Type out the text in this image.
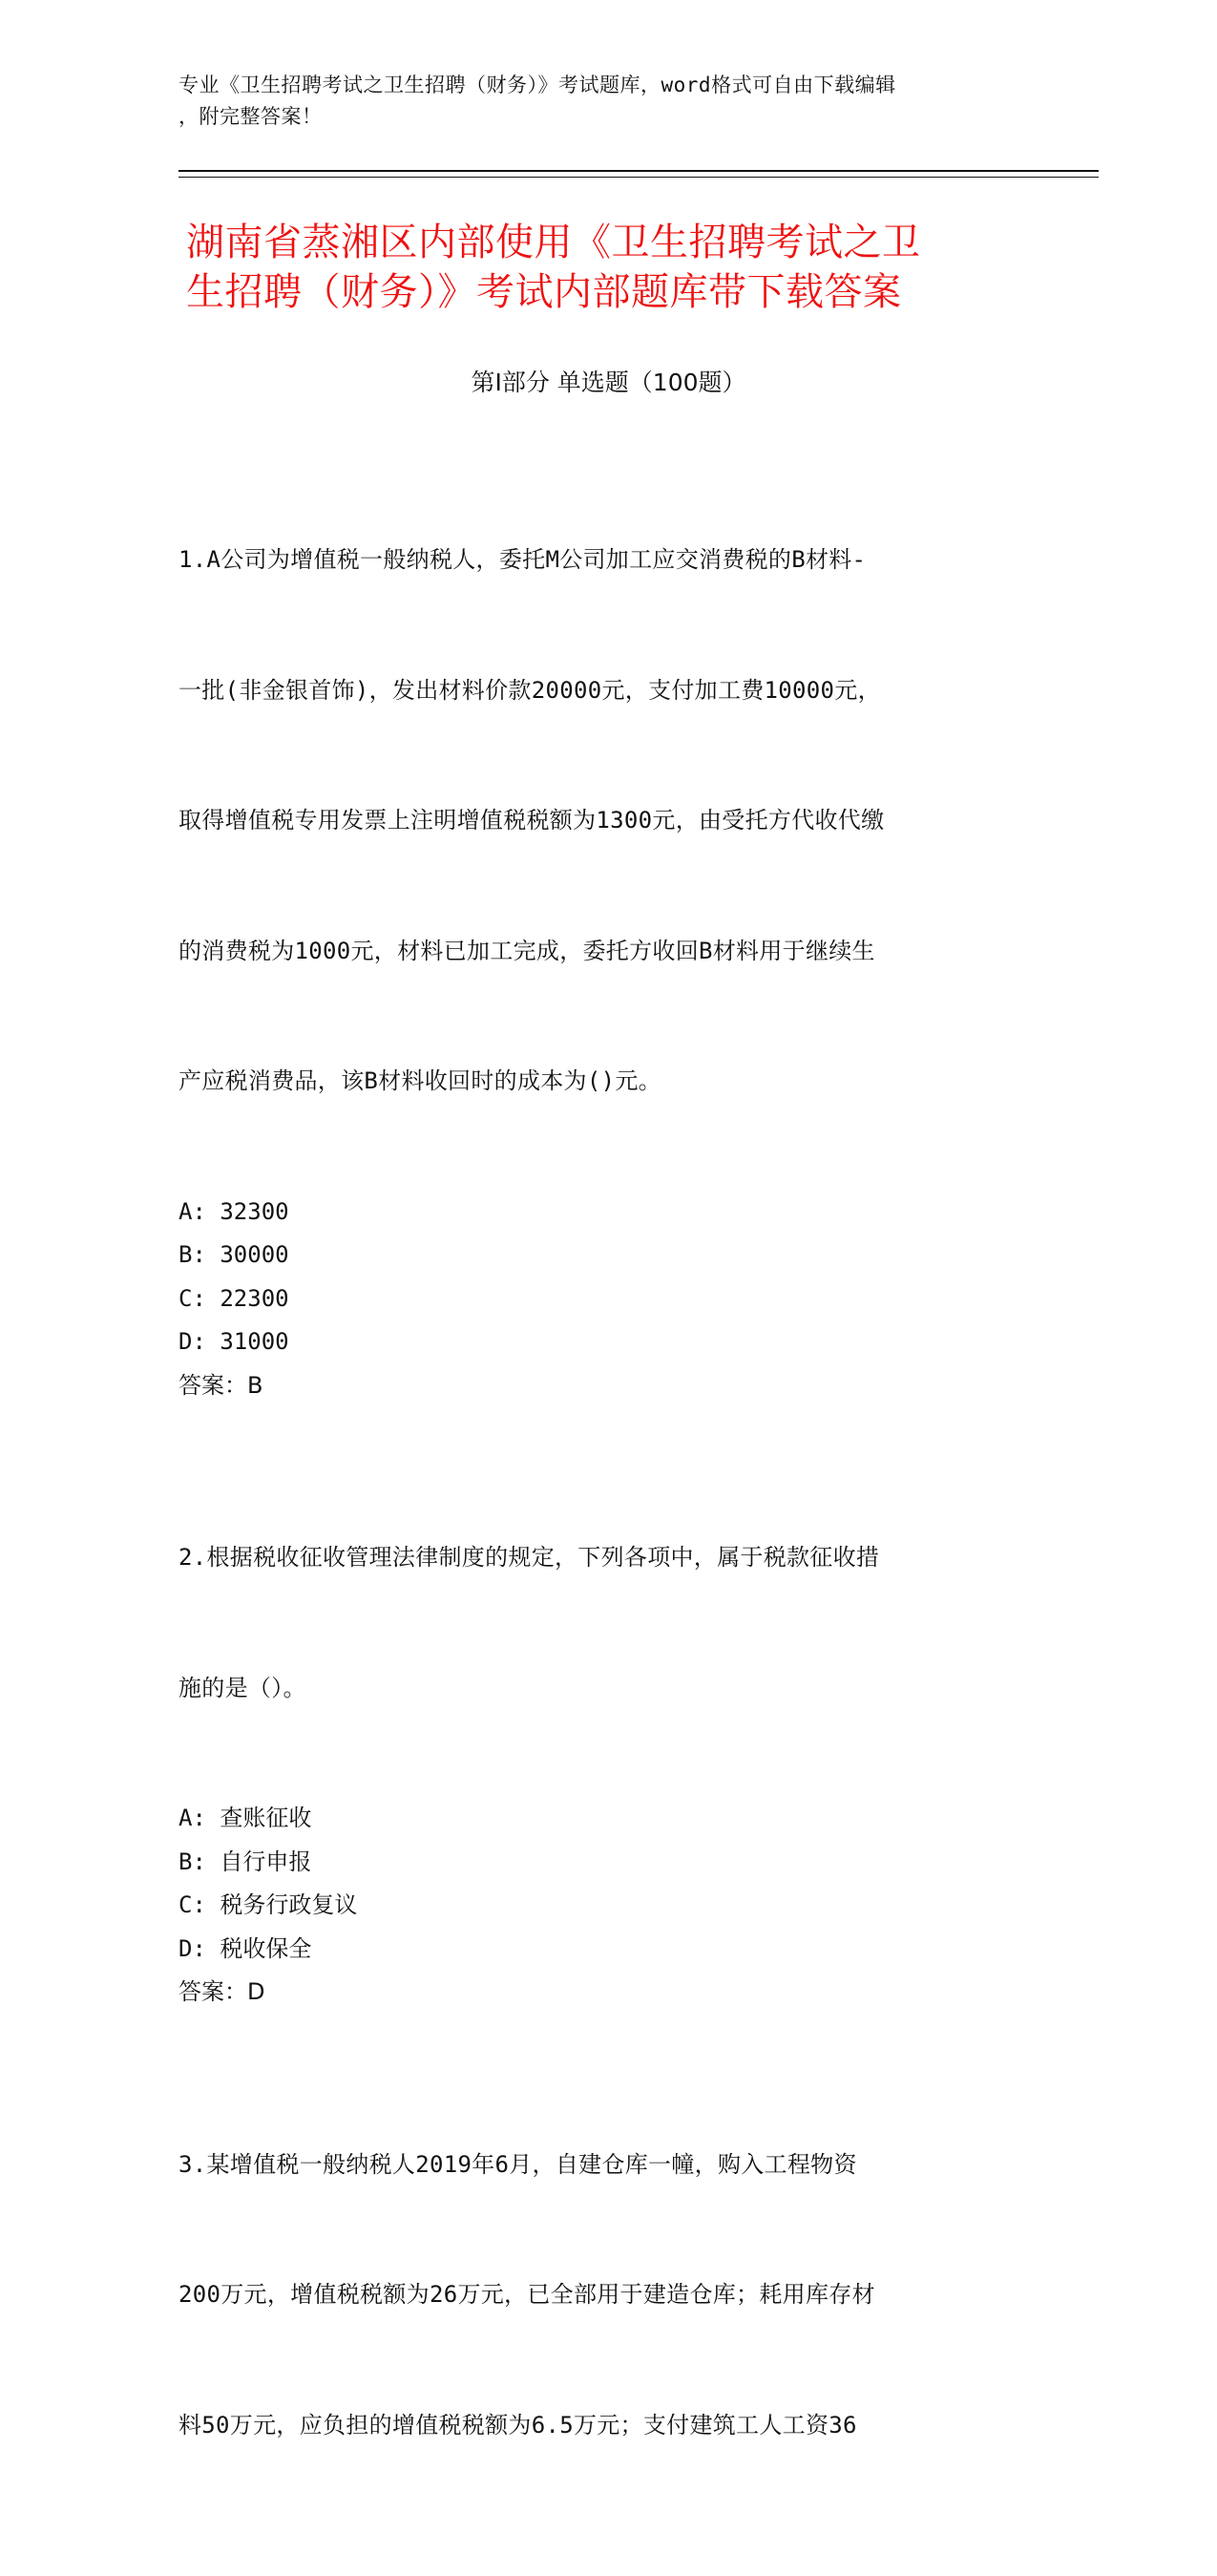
专业《卫生招聘考试之卫生招聘（财务）》考试题库，word格式可自由下载编辑
，附完整答案！
湖南省蒸湘区内部使用《卫生招聘考试之卫
生招聘（财务）》考试内部题库带下载答案
第Ⅰ部分 单选题（100题）

1.A公司为增值税一般纳税人，委托M公司加工应交消费税的B材料-

一批(非金银首饰)，发出材料价款20000元，支付加工费10000元，

取得增值税专用发票上注明增值税税额为1300元，由受托方代收代缴

的消费税为1000元，材料已加工完成，委托方收回B材料用于继续生

产应税消费品，该B材料收回时的成本为()元。

A: 32300
B: 30000
C: 22300
D: 31000
答案：B

2.根据税收征收管理法律制度的规定，下列各项中，属于税款征收措

施的是（）。

A: 查账征收
B: 自行申报
C: 税务行政复议
D: 税收保全
答案：D

3.某增值税一般纳税人2019年6月，自建仓库一幢，购入工程物资

200万元，增值税税额为26万元，已全部用于建造仓库；耗用库存材

料50万元，应负担的增值税税额为6.5万元；支付建筑工人工资36
